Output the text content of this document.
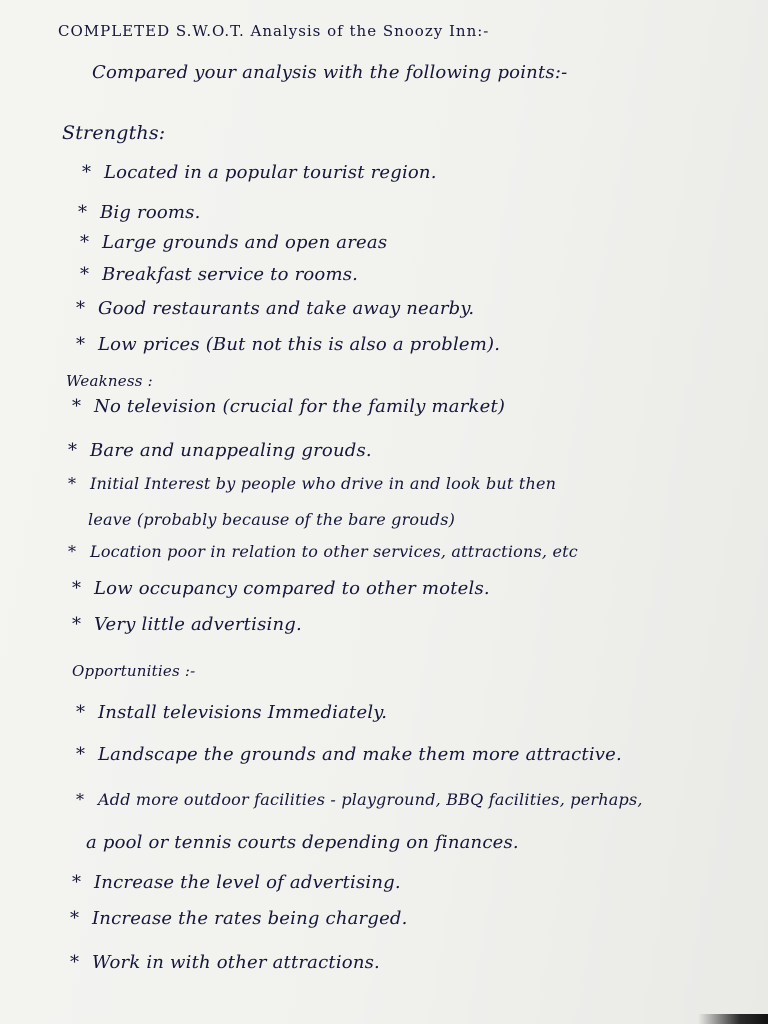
COMPLETED S.W.O.T. Analysis of the Snoozy Inn:-
Compared your analysis with the following points:-
Strengths:
* Located in a popular tourist region.
* Big rooms.
* Large grounds and open areas
* Breakfast service to rooms.
* Good restaurants and take away nearby.
* Low prices (But not this is also a problem).
Weakness :
* No television (crucial for the family market)
* Bare and unappealing grouds.
* Initial Interest by people who drive in and look but then
leave (probably because of the bare grouds)
* Location poor in relation to other services, attractions, etc
* Low occupancy compared to other motels.
* Very little advertising.
Opportunities :-
* Install televisions Immediately.
* Landscape the grounds and make them more attractive.
* Add more outdoor facilities - playground, BBQ facilities, perhaps,
a pool or tennis courts depending on finances.
* Increase the level of advertising.
* Increase the rates being charged.
* Work in with other attractions.
